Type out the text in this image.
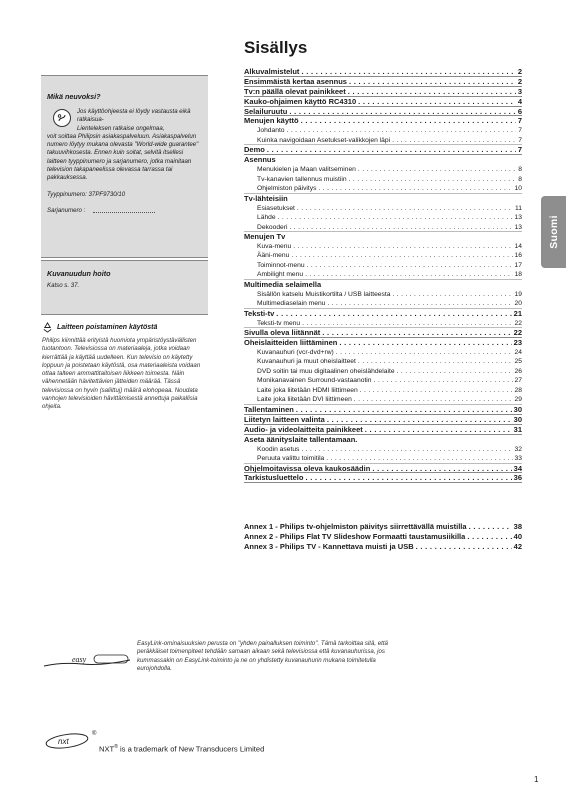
Sisällys
Mikä neuvoksi?
Jos käyttöohjeesta ei löydy vastausta eikä ratkaisua-
Lienteleksen ratkaise ongelmaa,
voit soittaa Philipsin asiakaspalveluun. Asiakaspalvelun numero löytyy mukana olevasta "World-wide guarantee" takuuvihkosesta. Ennen kuin soitat, selvitä itsellesi laitteen tyyppinumero ja sarjanumero, jotka mainitaan television takapaneelissa olevassa tarrassa tai pakkauksessa.
Tyyppinumero: 37PF9730/10
Sarjanumero :
Kuvanuudun hoito
Katso s. 37.
Laitteen poistaminen käytöstä
Philips kiinnittää erityistä huomiota ympäristöystävällisten tuotantoon. Televisiossa on materiaaleja, jotka voidaan kierrättää ja käyttää uudelleen. Kun televisio on käytetty loppuun ja poistetaan käytöstä, osa materiaaleista voidaan ottaa talteen ammattitaitoisen liikkeen toimesta. Näin vähennetään hävitettävien jätteiden määrää. Tässä televisiossa on hyvin (saliittuj) määrä elohopeaa. Noudata vanhojen televisioiden hävittämisestä annettuja paikallisia ohjeita.
Alkuvalmistelut . . .	2
Ensimmäistä kertaa asennus . . .	2
Tv:n päällä olevat painikkeet . . .	3
Kauko-ohjaimen käyttö RC4310 . . .	4
Selailuruutu . . .	6
Menujen käyttö . . .	7
Johdanto . . .	7
Kuinka navigoidaan Asetukset-valikkojen läpi . . .	7
Demo . . .	7
Asennus
Menukielen ja Maan valitseminen . . .	8
Tv-kanavien tallennus muistiin . . .	8
Ohjelmiston päivitys . . .	10
Tv-lähteisiin
Esiasetukset . . .	11
Lähde . . .	13
Dekooderi . . .	13
Menujen Tv
Kuva-menu . . .	14
Ääni-menu . . .	16
Toiminnot-menu . . .	17
Ambilight menu . . .	18
Multimedia selaimella
Sisällön katselu Muistikortilta / USB laitteesta . . .	19
Multimediaselain menu . . .	20
Teksti-tv . . .	21
Teksti-tv menu . . .	22
Sivulla oleva liitännät . . .	22
Oheislaitteiden liittäminen . . .	23
Kuvanauhuri (vcr-dvd+rw) . . .	24
Kuvanauhuri ja muut oheislaitteet . . .	25
DVD soitin tai muu digitaalinen oheislähdelaite . . .	26
Monikanavainen Surround-vastaanotin . . .	27
Laite joka liitetään HDMI liittimeen . . .	28
Laite joka liitetään DVI liittimeen . . .	29
Tallentaminen . . .	30
Liitetyn laitteen valinta . . .	30
Audio- ja videolaitteita painikkeet . . .	31
Aseta äänityslaite tallentamaan.
Koodin asetus . . .	32
Peruuta valittu toimitila . . .	33
Ohjelmoitavissa oleva kaukosäädin . . .	34
Tarkistusluettelo . . .	36
Annex 1 - Philips tv-ohjelmiston päivitys siirrettävällä muistilla . . .	38
Annex 2 - Philips Flat TV Slideshow Formaatti taustamusiikilla . . .	40
Annex 3 - Philips TV - Kannettava muisti ja USB . . .	42
Suomi
easy
EasyLink-ominaisuuksien perusta on "yhden painalluksen toiminto". Tämä tarkoittaa sitä, että peräkkäiset toimenpiteet tehdään samaan aikaan sekä televisiossa että kuvanauhurissa, jos kummassakin on EasyLink-toiminto ja ne on yhdistetty kuvanauhurin mukana toimitetulla eurojohdolla.
nxt
®
NXT® is a trademark of New Transducers Limited
1
